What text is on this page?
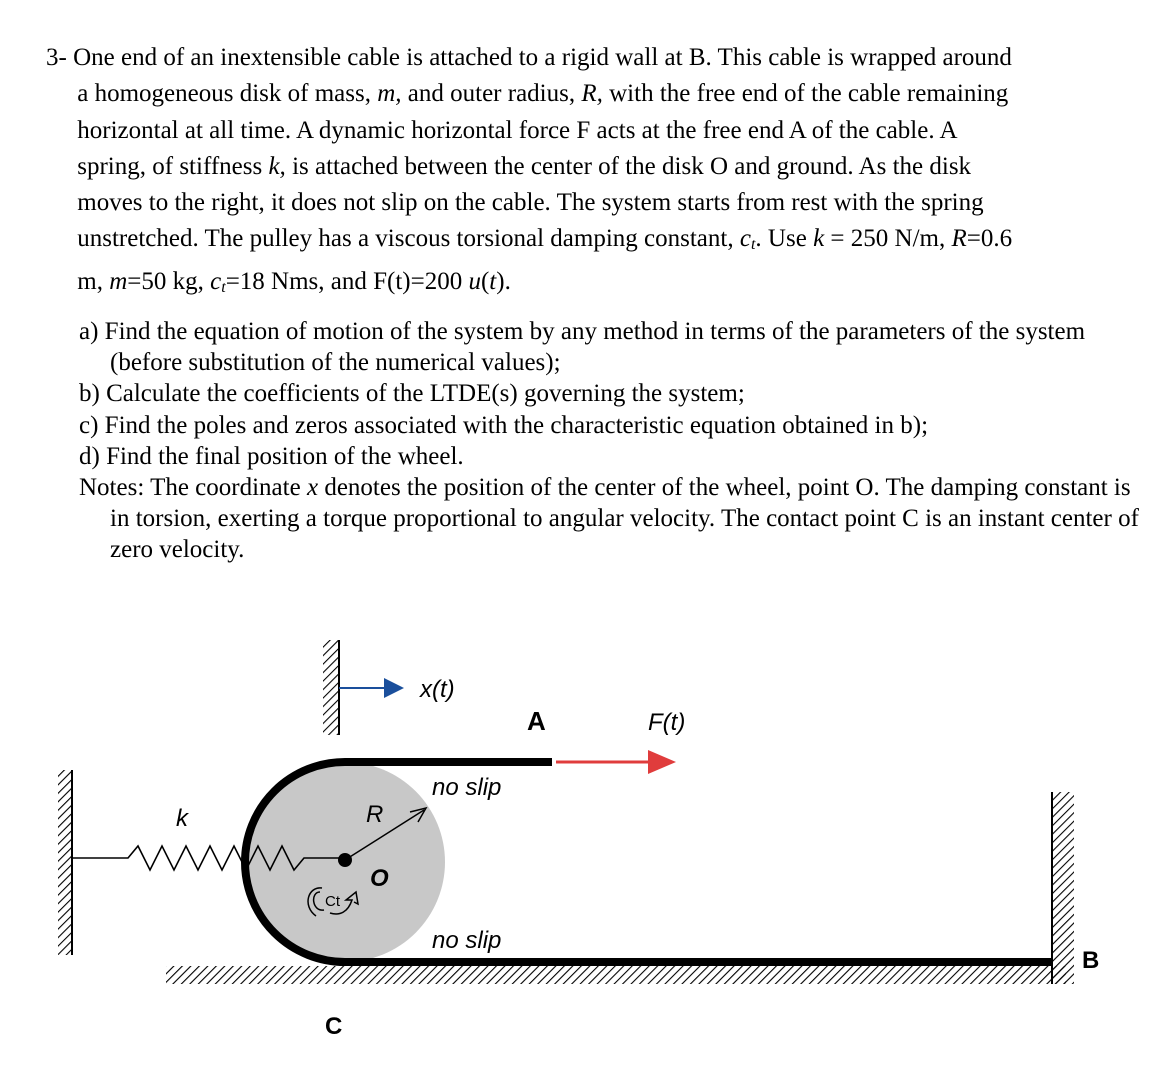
3- One end of an inextensible cable is attached to a rigid wall at B. This cable is wrapped around
a homogeneous disk of mass, m, and outer radius, R, with the free end of the cable remaining
horizontal at all time. A dynamic horizontal force F acts at the free end A of the cable. A
spring, of stiffness k, is attached between the center of the disk O and ground. As the disk
moves to the right, it does not slip on the cable. The system starts from rest with the spring
unstretched. The pulley has a viscous torsional damping constant, $c_t$. Use k = 250 N/m, R=0.6
m, m=50 kg, $c_t=18$ Nms, and F(t)=200 u(t).

a) Find the equation of motion of the system by any method in terms of the parameters of the system (before substitution of the numerical values);

b) Calculate the coefficients of the LTDE(s) governing the system;

c) Find the poles and zeros associated with the characteristic equation obtained in b);

d) Find the final position of the wheel.

Notes: The coordinate x denotes the position of the center of the wheel, point O. The damping constant is in torsion, exerting a torque proportional to angular velocity. The contact point C is an instant center of zero velocity.

x(t)
B
A	F(t)
no slip
no slip
k
O
R
Ct
C
